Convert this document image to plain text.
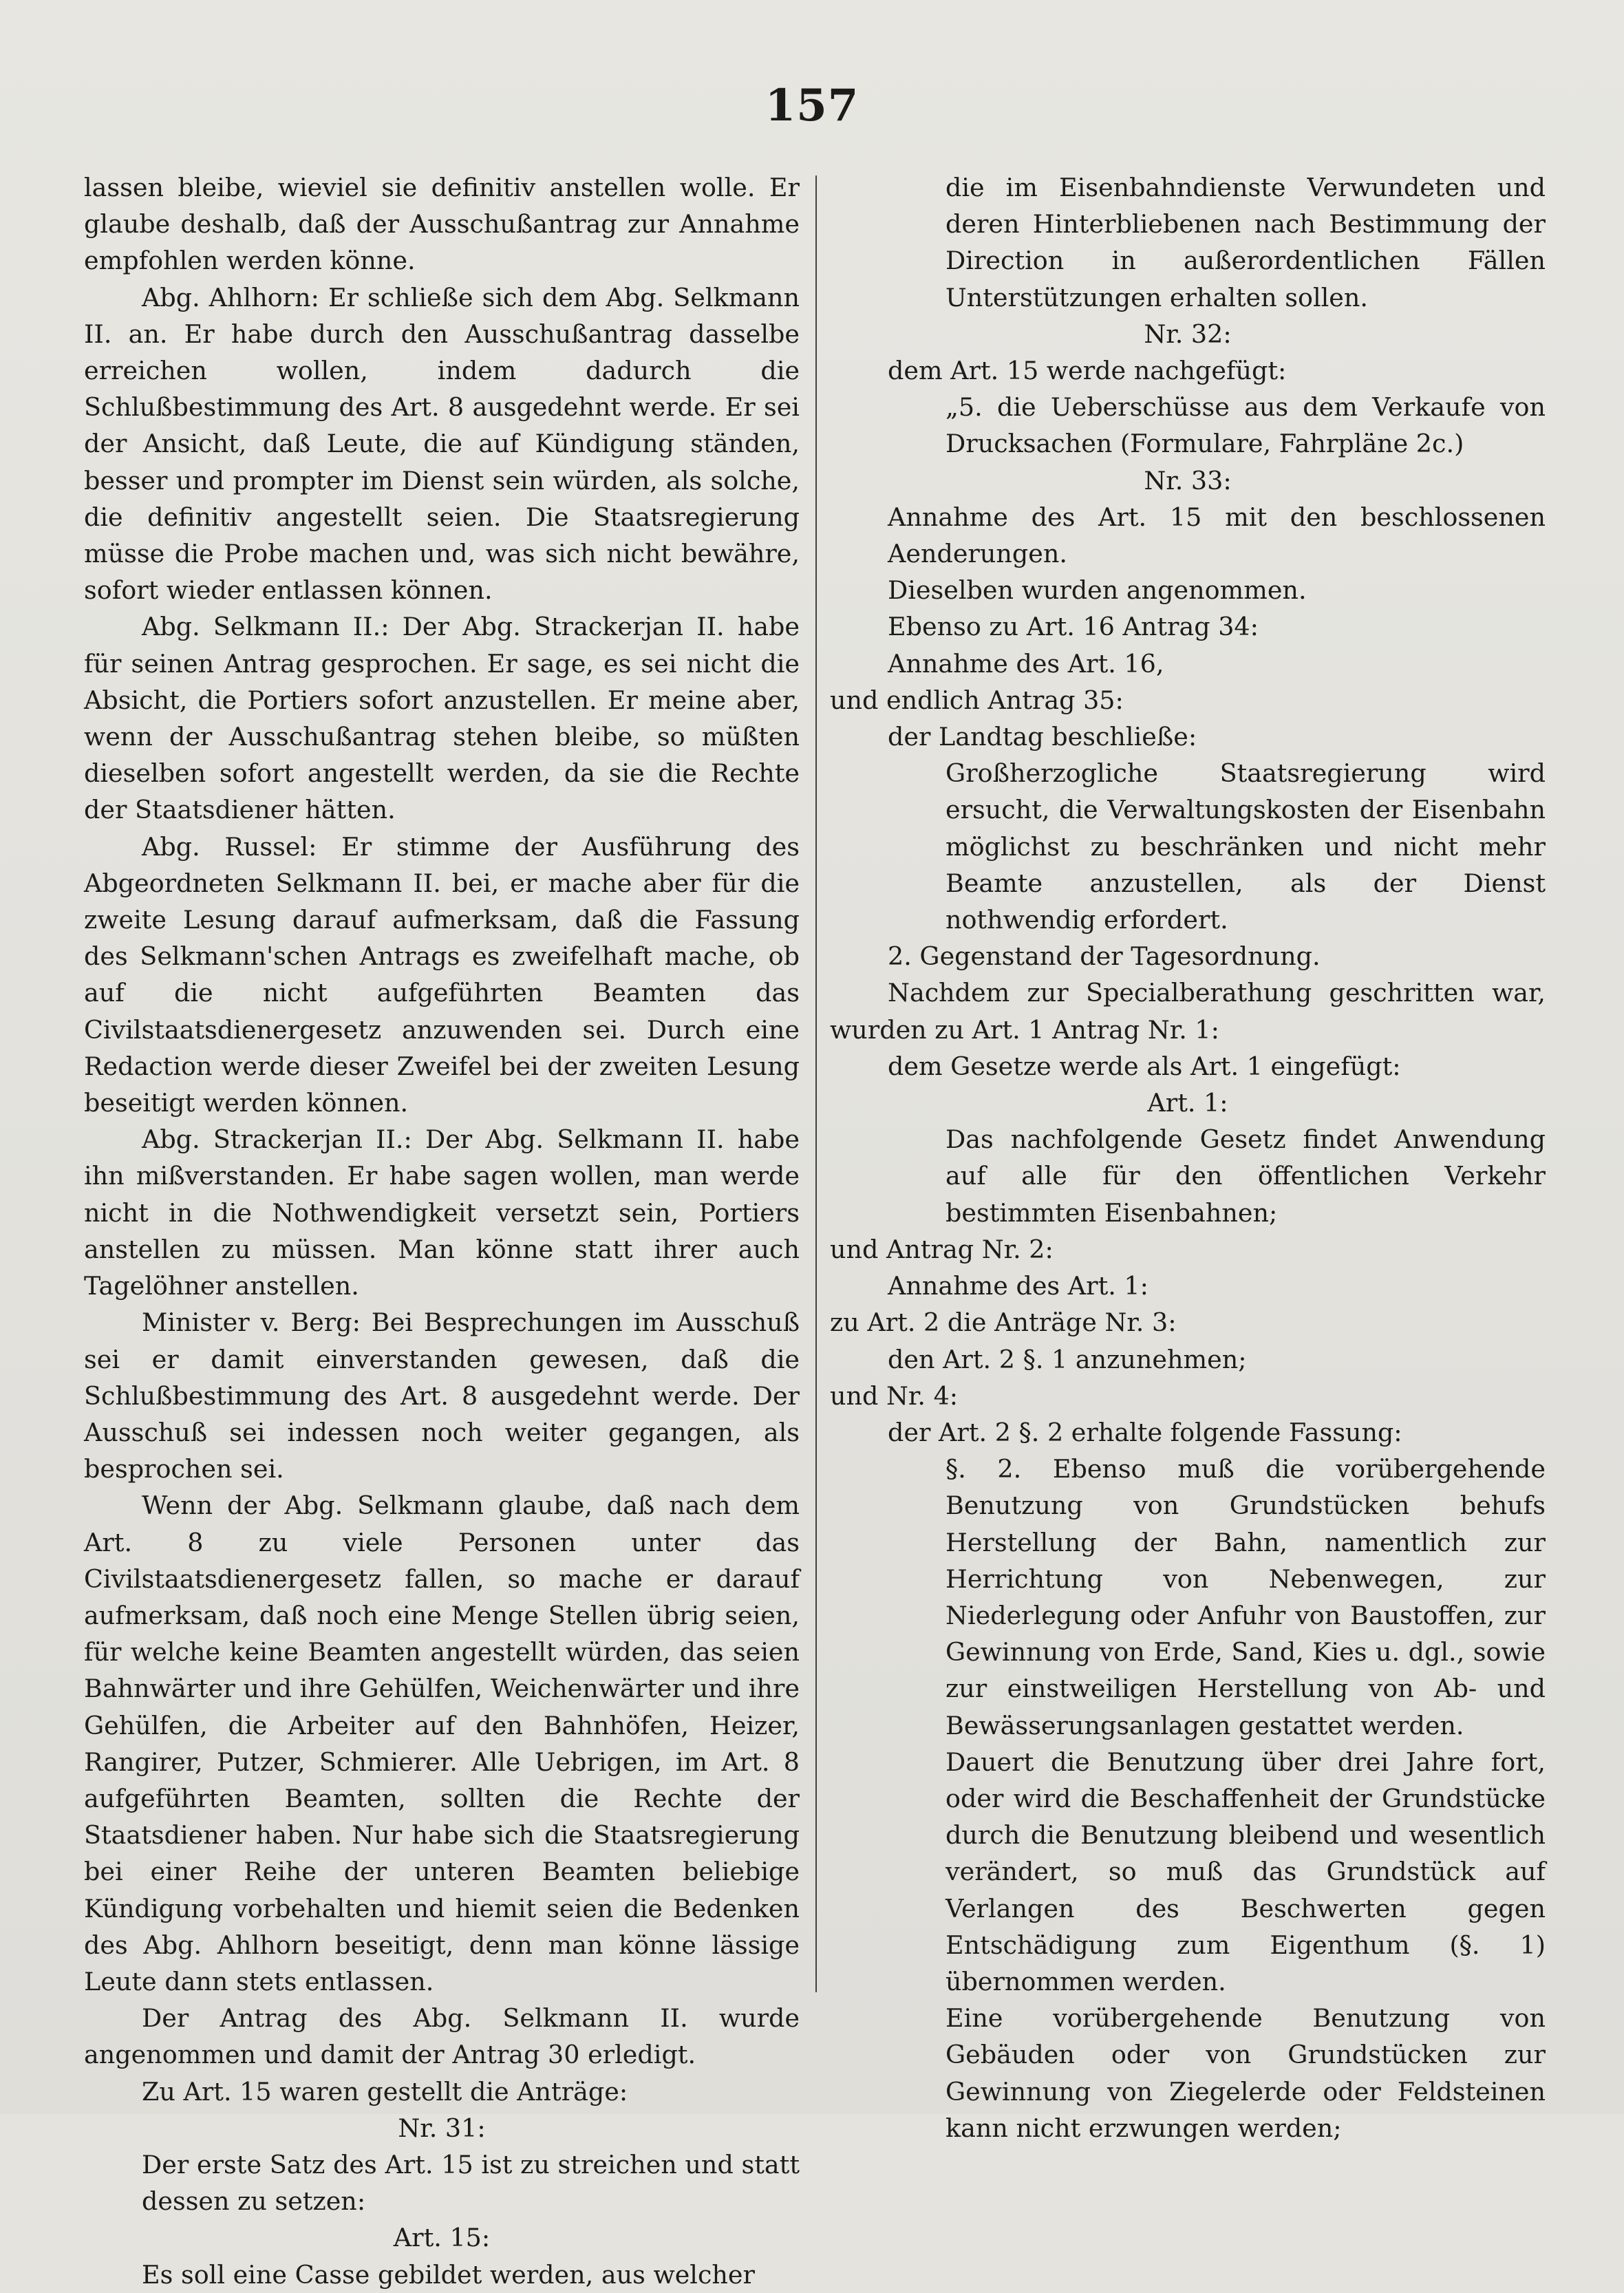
157

lassen bleibe, wieviel sie definitiv anstellen wolle. Er glaube deshalb, daß der Ausschußantrag zur Annahme empfohlen werden könne.

Abg. Ahlhorn: Er schließe sich dem Abg. Selkmann II. an. Er habe durch den Ausschußantrag dasselbe erreichen wollen, indem dadurch die Schlußbestimmung des Art. 8 ausgedehnt werde. Er sei der Ansicht, daß Leute, die auf Kündigung ständen, besser und prompter im Dienst sein würden, als solche, die definitiv angestellt seien. Die Staatsregierung müsse die Probe machen und, was sich nicht bewähre, sofort wieder entlassen können.

Abg. Selkmann II.: Der Abg. Strackerjan II. habe für seinen Antrag gesprochen. Er sage, es sei nicht die Absicht, die Portiers sofort anzustellen. Er meine aber, wenn der Ausschußantrag stehen bleibe, so müßten dieselben sofort angestellt werden, da sie die Rechte der Staatsdiener hätten.

Abg. Russel: Er stimme der Ausführung des Abgeordneten Selkmann II. bei, er mache aber für die zweite Lesung darauf aufmerksam, daß die Fassung des Selkmann'schen Antrags es zweifelhaft mache, ob auf die nicht aufgeführten Beamten das Civilstaatsdienergesetz anzuwenden sei. Durch eine Redaction werde dieser Zweifel bei der zweiten Lesung beseitigt werden können.

Abg. Strackerjan II.: Der Abg. Selkmann II. habe ihn mißverstanden. Er habe sagen wollen, man werde nicht in die Nothwendigkeit versetzt sein, Portiers anstellen zu müssen. Man könne statt ihrer auch Tagelöhner anstellen.

Minister v. Berg: Bei Besprechungen im Ausschuß sei er damit einverstanden gewesen, daß die Schlußbestimmung des Art. 8 ausgedehnt werde. Der Ausschuß sei indessen noch weiter gegangen, als besprochen sei.

Wenn der Abg. Selkmann glaube, daß nach dem Art. 8 zu viele Personen unter das Civilstaatsdienergesetz fallen, so mache er darauf aufmerksam, daß noch eine Menge Stellen übrig seien, für welche keine Beamten angestellt würden, das seien Bahnwärter und ihre Gehülfen, Weichenwärter und ihre Gehülfen, die Arbeiter auf den Bahnhöfen, Heizer, Rangirer, Putzer, Schmierer. Alle Uebrigen, im Art. 8 aufgeführten Beamten, sollten die Rechte der Staatsdiener haben. Nur habe sich die Staatsregierung bei einer Reihe der unteren Beamten beliebige Kündigung vorbehalten und hiemit seien die Bedenken des Abg. Ahlhorn beseitigt, denn man könne lässige Leute dann stets entlassen.

Der Antrag des Abg. Selkmann II. wurde angenommen und damit der Antrag 30 erledigt.

Zu Art. 15 waren gestellt die Anträge:

Nr. 31:

Der erste Satz des Art. 15 ist zu streichen und statt dessen zu setzen:

Art. 15:

Es soll eine Casse gebildet werden, aus welcher

die im Eisenbahndienste Verwundeten und deren Hinterbliebenen nach Bestimmung der Direction in außerordentlichen Fällen Unterstützungen erhalten sollen.

Nr. 32:

dem Art. 15 werde nachgefügt:

„5. die Ueberschüsse aus dem Verkaufe von Drucksachen (Formulare, Fahrpläne 2c.)

Nr. 33:

Annahme des Art. 15 mit den beschlossenen Aenderungen.

Dieselben wurden angenommen.

Ebenso zu Art. 16 Antrag 34:

Annahme des Art. 16,

und endlich Antrag 35:

der Landtag beschließe:

Großherzogliche Staatsregierung wird ersucht, die Verwaltungskosten der Eisenbahn möglichst zu beschränken und nicht mehr Beamte anzustellen, als der Dienst nothwendig erfordert.

2. Gegenstand der Tagesordnung.

Nachdem zur Specialberathung geschritten war, wurden zu Art. 1 Antrag Nr. 1:

dem Gesetze werde als Art. 1 eingefügt:

Art. 1:

Das nachfolgende Gesetz findet Anwendung auf alle für den öffentlichen Verkehr bestimmten Eisenbahnen;

und Antrag Nr. 2:

Annahme des Art. 1:

zu Art. 2 die Anträge Nr. 3:

den Art. 2 §. 1 anzunehmen;

und Nr. 4:

der Art. 2 §. 2 erhalte folgende Fassung:

§. 2. Ebenso muß die vorübergehende Benutzung von Grundstücken behufs Herstellung der Bahn, namentlich zur Herrichtung von Nebenwegen, zur Niederlegung oder Anfuhr von Baustoffen, zur Gewinnung von Erde, Sand, Kies u. dgl., sowie zur einstweiligen Herstellung von Ab- und Bewässerungsanlagen gestattet werden.

Dauert die Benutzung über drei Jahre fort, oder wird die Beschaffenheit der Grundstücke durch die Benutzung bleibend und wesentlich verändert, so muß das Grundstück auf Verlangen des Beschwerten gegen Entschädigung zum Eigenthum (§. 1) übernommen werden.

Eine vorübergehende Benutzung von Gebäuden oder von Grundstücken zur Gewinnung von Ziegelerde oder Feldsteinen kann nicht erzwungen werden;
